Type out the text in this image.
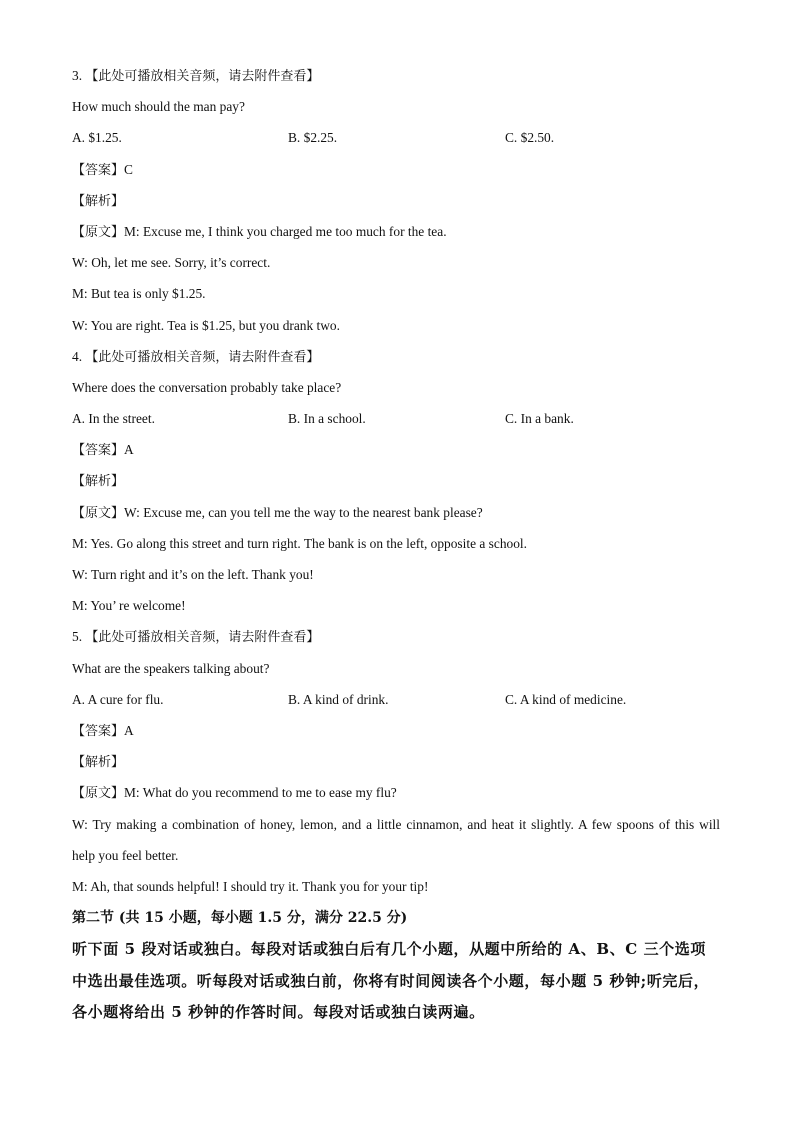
3. 【此处可播放相关音频，请去附件查看】
How much should the man pay?
A. $1.25.	B. $2.25.	C. $2.50.
【答案】C
【解析】
【原文】M: Excuse me, I think you charged me too much for the tea.
W: Oh, let me see. Sorry, it’s correct.
M: But tea is only $1.25.
W: You are right. Tea is $1.25, but you drank two.
4. 【此处可播放相关音频，请去附件查看】
Where does the conversation probably take place?
A. In the street.	B. In a school.	C. In a bank.
【答案】A
【解析】
【原文】W: Excuse me, can you tell me the way to the nearest bank please?
M: Yes. Go along this street and turn right. The bank is on the left, opposite a school.
W: Turn right and it’s on the left. Thank you!
M: You’ re welcome!
5. 【此处可播放相关音频，请去附件查看】
What are the speakers talking about?
A. A cure for flu.	B. A kind of drink.	C. A kind of medicine.
【答案】A
【解析】
【原文】M: What do you recommend to me to ease my flu?
W: Try making a combination of honey, lemon, and a little cinnamon, and heat it slightly. A few spoons of this will
help you feel better.
M: Ah, that sounds helpful! I should try it. Thank you for your tip!
第二节 (共 15 小题，每小题 1.5 分，满分 22.5 分)
听下面 5 段对话或独白。每段对话或独白后有几个小题，从题中所给的 A、B、C 三个选项
中选出最佳选项。听每段对话或独白前，你将有时间阅读各个小题，每小题 5 秒钟;听完后，
各小题将给出 5 秒钟的作答时间。每段对话或独白读两遍。
